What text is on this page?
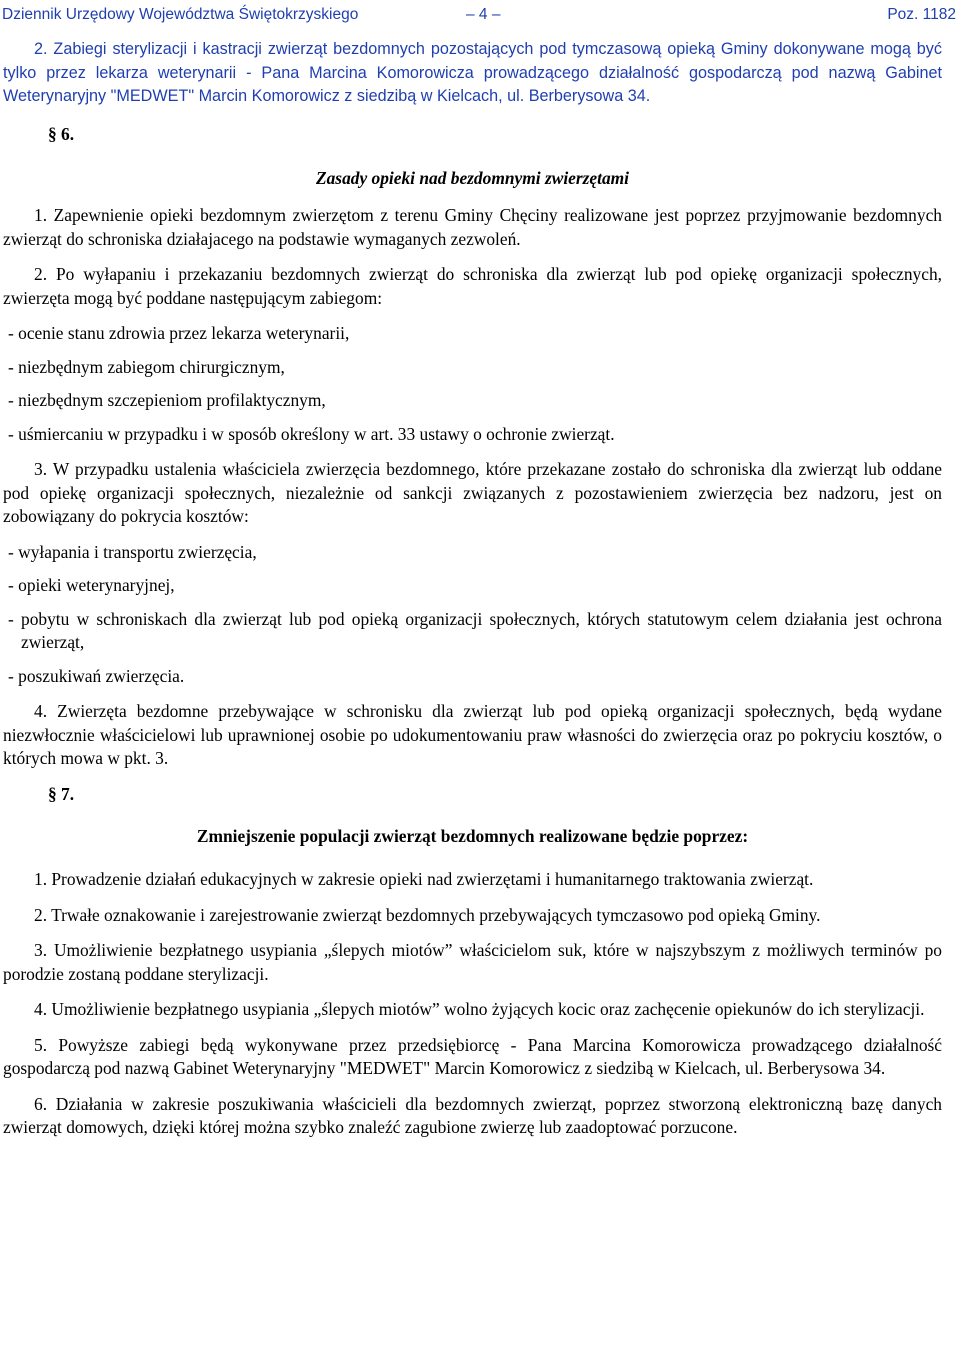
Dziennik Urzędowy Województwa Świętokrzyskiego	– 4 –	Poz. 1182

2. Zabiegi sterylizacji i kastracji zwierząt bezdomnych pozostających pod tymczasową opieką Gminy dokonywane mogą być tylko przez lekarza weterynarii - Pana Marcina Komorowicza prowadzącego działalność gospodarczą pod nazwą Gabinet Weterynaryjny "MEDWET" Marcin Komorowicz z siedzibą w Kielcach, ul. Berberysowa 34.

§ 6.
Zasady opieki nad bezdomnymi zwierzętami

1. Zapewnienie opieki bezdomnym zwierzętom z terenu Gminy Chęciny realizowane jest poprzez przyjmowanie bezdomnych zwierząt do schroniska działajacego na podstawie wymaganych zezwoleń.

2. Po wyłapaniu i przekazaniu bezdomnych zwierząt do schroniska dla zwierząt lub pod opiekę organizacji społecznych, zwierzęta mogą być poddane następującym zabiegom:

- ocenie stanu zdrowia przez lekarza weterynarii,
- niezbędnym zabiegom chirurgicznym,
- niezbędnym szczepieniom profilaktycznym,
- uśmiercaniu w przypadku i w sposób określony w art. 33 ustawy o ochronie zwierząt.

3. W przypadku ustalenia właściciela zwierzęcia bezdomnego, które przekazane zostało do schroniska dla zwierząt lub oddane pod opiekę organizacji społecznych, niezależnie od sankcji związanych z pozostawieniem zwierzęcia bez nadzoru, jest on zobowiązany do pokrycia kosztów:

- wyłapania i transportu zwierzęcia,
- opieki weterynaryjnej,
- pobytu w schroniskach dla zwierząt lub pod opieką organizacji społecznych, których statutowym celem działania jest ochrona zwierząt,
- poszukiwań zwierzęcia.

4. Zwierzęta bezdomne przebywające w schronisku dla zwierząt lub pod opieką organizacji społecznych, będą wydane niezwłocznie właścicielowi lub uprawnionej osobie po udokumentowaniu praw własności do zwierzęcia oraz po pokryciu kosztów, o których mowa w pkt. 3.

§ 7.
Zmniejszenie populacji zwierząt bezdomnych realizowane będzie poprzez:

1. Prowadzenie działań edukacyjnych w zakresie opieki nad zwierzętami i humanitarnego traktowania zwierząt.

2. Trwałe oznakowanie i zarejestrowanie zwierząt bezdomnych przebywających tymczasowo pod opieką Gminy.

3. Umożliwienie bezpłatnego usypiania „ślepych miotów” właścicielom suk, które w najszybszym z możliwych terminów po porodzie zostaną poddane sterylizacji.

4. Umożliwienie bezpłatnego usypiania „ślepych miotów” wolno żyjących kocic oraz zachęcenie opiekunów do ich sterylizacji.

5. Powyższe zabiegi będą wykonywane przez przedsiębiorcę - Pana Marcina Komorowicza prowadzącego działalność gospodarczą pod nazwą Gabinet Weterynaryjny "MEDWET" Marcin Komorowicz z siedzibą w Kielcach, ul. Berberysowa 34.

6. Działania w zakresie poszukiwania właścicieli dla bezdomnych zwierząt, poprzez stworzoną elektroniczną bazę danych zwierząt domowych, dzięki której można szybko znaleźć zagubione zwierzę lub zaadoptować porzucone.
